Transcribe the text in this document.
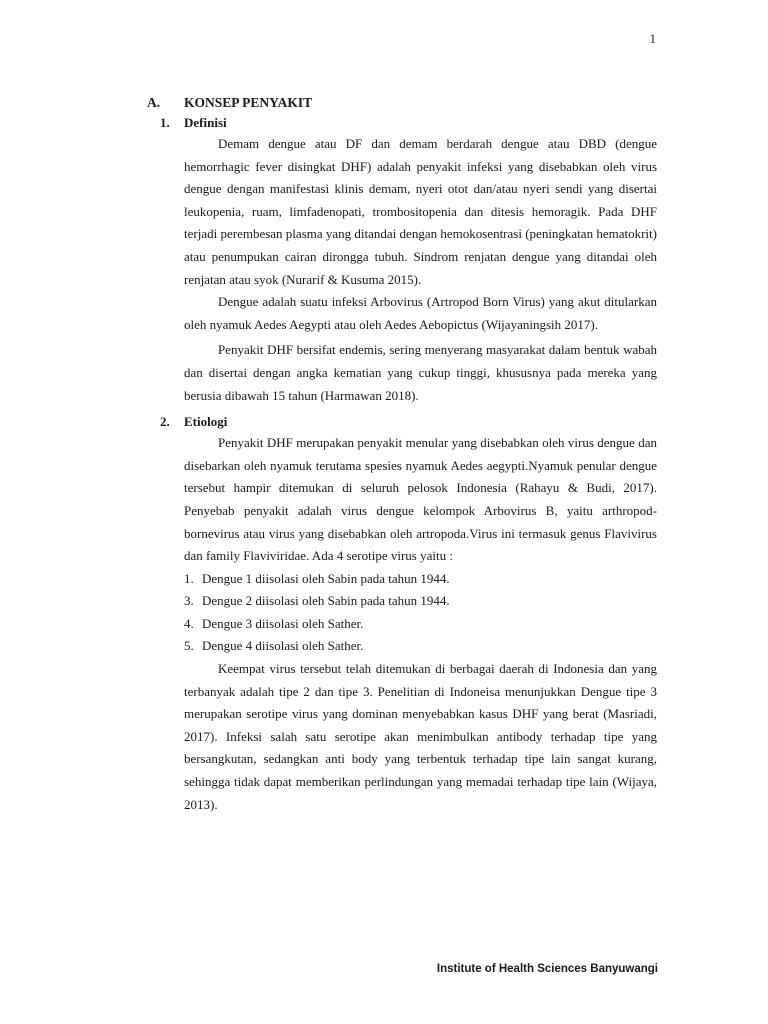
1
A.	KONSEP PENYAKIT
1.	Definisi

Demam dengue atau DF dan demam berdarah dengue atau DBD (dengue hemorrhagic fever disingkat DHF) adalah penyakit infeksi yang disebabkan oleh virus dengue dengan manifestasi klinis demam, nyeri otot dan/atau nyeri sendi yang disertai leukopenia, ruam, limfadenopati, trombositopenia dan ditesis hemoragik. Pada DHF terjadi perembesan plasma yang ditandai dengan hemokosentrasi (peningkatan hematokrit) atau penumpukan cairan dirongga tubuh. Sindrom renjatan dengue yang ditandai oleh renjatan atau syok (Nurarif & Kusuma 2015).

Dengue adalah suatu infeksi Arbovirus (Artropod Born Virus) yang akut ditularkan oleh nyamuk Aedes Aegypti atau oleh Aedes Aebopictus (Wijayaningsih 2017).

Penyakit DHF bersifat endemis, sering menyerang masyarakat dalam bentuk wabah dan disertai dengan angka kematian yang cukup tinggi, khususnya pada mereka yang berusia dibawah 15 tahun (Harmawan 2018).

2.	Etiologi

Penyakit DHF merupakan penyakit menular yang disebabkan oleh virus dengue dan disebarkan oleh nyamuk terutama spesies nyamuk Aedes aegypti.Nyamuk penular dengue tersebut hampir ditemukan di seluruh pelosok Indonesia (Rahayu & Budi, 2017). Penyebab penyakit adalah virus dengue kelompok Arbovirus B, yaitu arthropod-bornevirus atau virus yang disebabkan oleh artropoda.Virus ini termasuk genus Flavivirus dan family Flaviviridae. Ada 4 serotipe virus yaitu :

1. Dengue 1 diisolasi oleh Sabin pada tahun 1944.
3. Dengue 2 diisolasi oleh Sabin pada tahun 1944.
4. Dengue 3 diisolasi oleh Sather.
5. Dengue 4 diisolasi oleh Sather.

Keempat virus tersebut telah ditemukan di berbagai daerah di Indonesia dan yang terbanyak adalah tipe 2 dan tipe 3. Penelitian di Indoneisa menunjukkan Dengue tipe 3 merupakan serotipe virus yang dominan menyebabkan kasus DHF yang berat (Masriadi, 2017). Infeksi salah satu serotipe akan menimbulkan antibody terhadap tipe yang bersangkutan, sedangkan anti body yang terbentuk terhadap tipe lain sangat kurang, sehingga tidak dapat memberikan perlindungan yang memadai terhadap tipe lain (Wijaya, 2013).

Institute of Health Sciences Banyuwangi
